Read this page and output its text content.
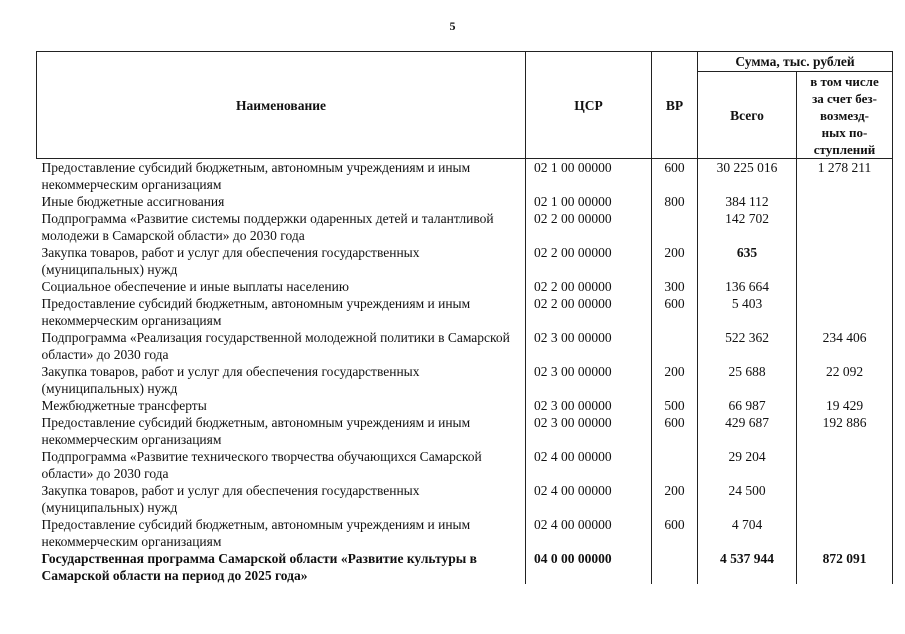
5
Наименование	ЦСР	ВР	Сумма, тыс. рублей	
			Всего	в том числе
за счет без-
возмезд-
ных по-
ступлений

Предоставление субсидий бюджетным, автономным учреждениям и иным некоммерческим организациям	02 1 00 00000	600	30 225 016	1 278 211
Иные бюджетные ассигнования	02 1 00 00000	800	384 112	
Подпрограмма «Развитие системы поддержки одаренных детей и талантливой молодежи в Самарской области» до 2030 года	02 2 00 00000		142 702	
Закупка товаров, работ и услуг для обеспечения государственных (муниципальных) нужд	02 2 00 00000	200	635	
Социальное обеспечение и иные выплаты населению	02 2 00 00000	300	136 664	
Предоставление субсидий бюджетным, автономным учреждениям и иным некоммерческим организациям	02 2 00 00000	600	5 403	
Подпрограмма «Реализация государственной молодежной политики в Самарской области» до 2030 года	02 3 00 00000		522 362	234 406
Закупка товаров, работ и услуг для обеспечения государственных (муниципальных) нужд	02 3 00 00000	200	25 688	22 092
Межбюджетные трансферты	02 3 00 00000	500	66 987	19 429
Предоставление субсидий бюджетным, автономным учреждениям и иным некоммерческим организациям	02 3 00 00000	600	429 687	192 886
Подпрограмма «Развитие технического творчества обучающихся Самарской области» до 2030 года	02 4 00 00000		29 204	
Закупка товаров, работ и услуг для обеспечения государственных (муниципальных) нужд	02 4 00 00000	200	24 500	
Предоставление субсидий бюджетным, автономным учреждениям и иным некоммерческим организациям	02 4 00 00000	600	4 704	
Государственная программа Самарской области «Развитие культуры в Самарской области на период до 2025 года»	04 0 00 00000		4 537 944	872 091
